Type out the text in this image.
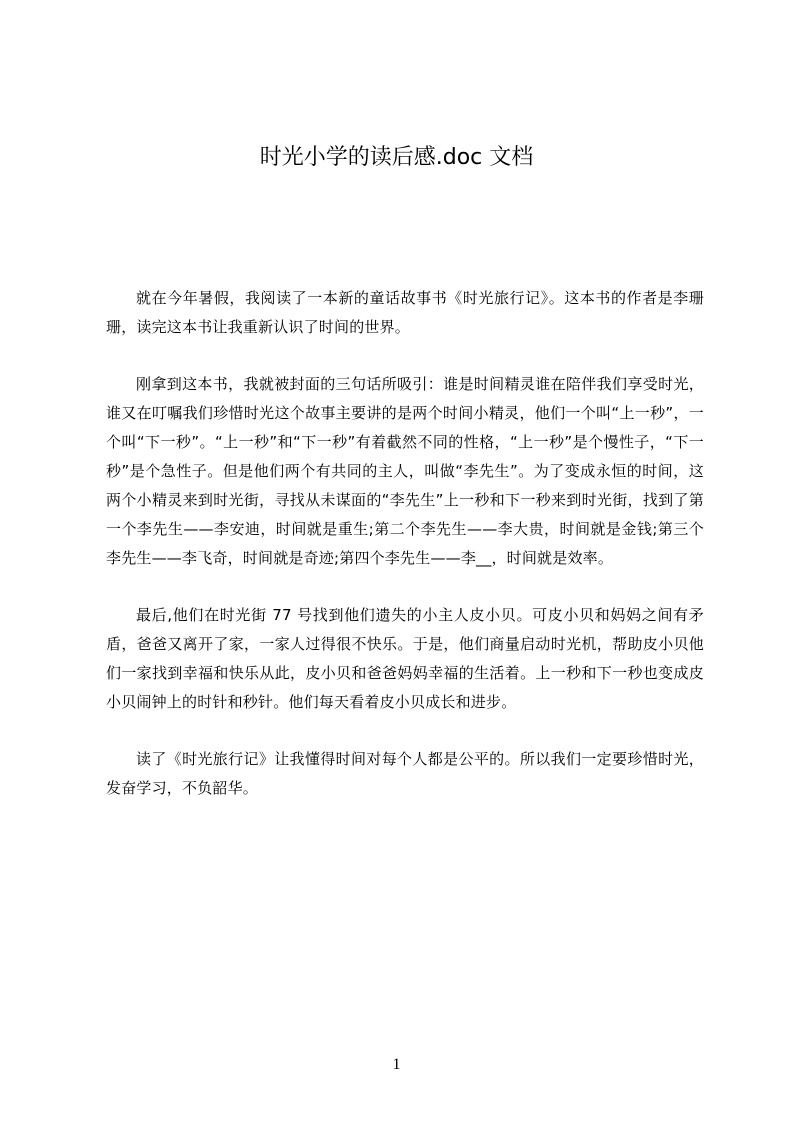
时光小学的读后感.doc 文档

就在今年暑假，我阅读了一本新的童话故事书《时光旅行记》。这本书的作者是李珊珊，读完这本书让我重新认识了时间的世界。

刚拿到这本书，我就被封面的三句话所吸引：谁是时间精灵谁在陪伴我们享受时光，谁又在叮嘱我们珍惜时光这个故事主要讲的是两个时间小精灵，他们一个叫“上一秒”，一个叫“下一秒”。“上一秒”和“下一秒”有着截然不同的性格，“上一秒”是个慢性子，“下一秒”是个急性子。但是他们两个有共同的主人，叫做“李先生”。为了变成永恒的时间，这两个小精灵来到时光街，寻找从未谋面的“李先生”上一秒和下一秒来到时光街，找到了第一个李先生——李安迪，时间就是重生;第二个李先生——李大贵，时间就是金钱;第三个李先生——李飞奇，时间就是奇迹;第四个李先生——李__，时间就是效率。

最后,他们在时光街 77 号找到他们遗失的小主人皮小贝。可皮小贝和妈妈之间有矛盾，爸爸又离开了家，一家人过得很不快乐。于是，他们商量启动时光机，帮助皮小贝他们一家找到幸福和快乐从此，皮小贝和爸爸妈妈幸福的生活着。上一秒和下一秒也变成皮小贝闹钟上的时针和秒针。他们每天看着皮小贝成长和进步。

读了《时光旅行记》让我懂得时间对每个人都是公平的。所以我们一定要珍惜时光，发奋学习，不负韶华。

1
